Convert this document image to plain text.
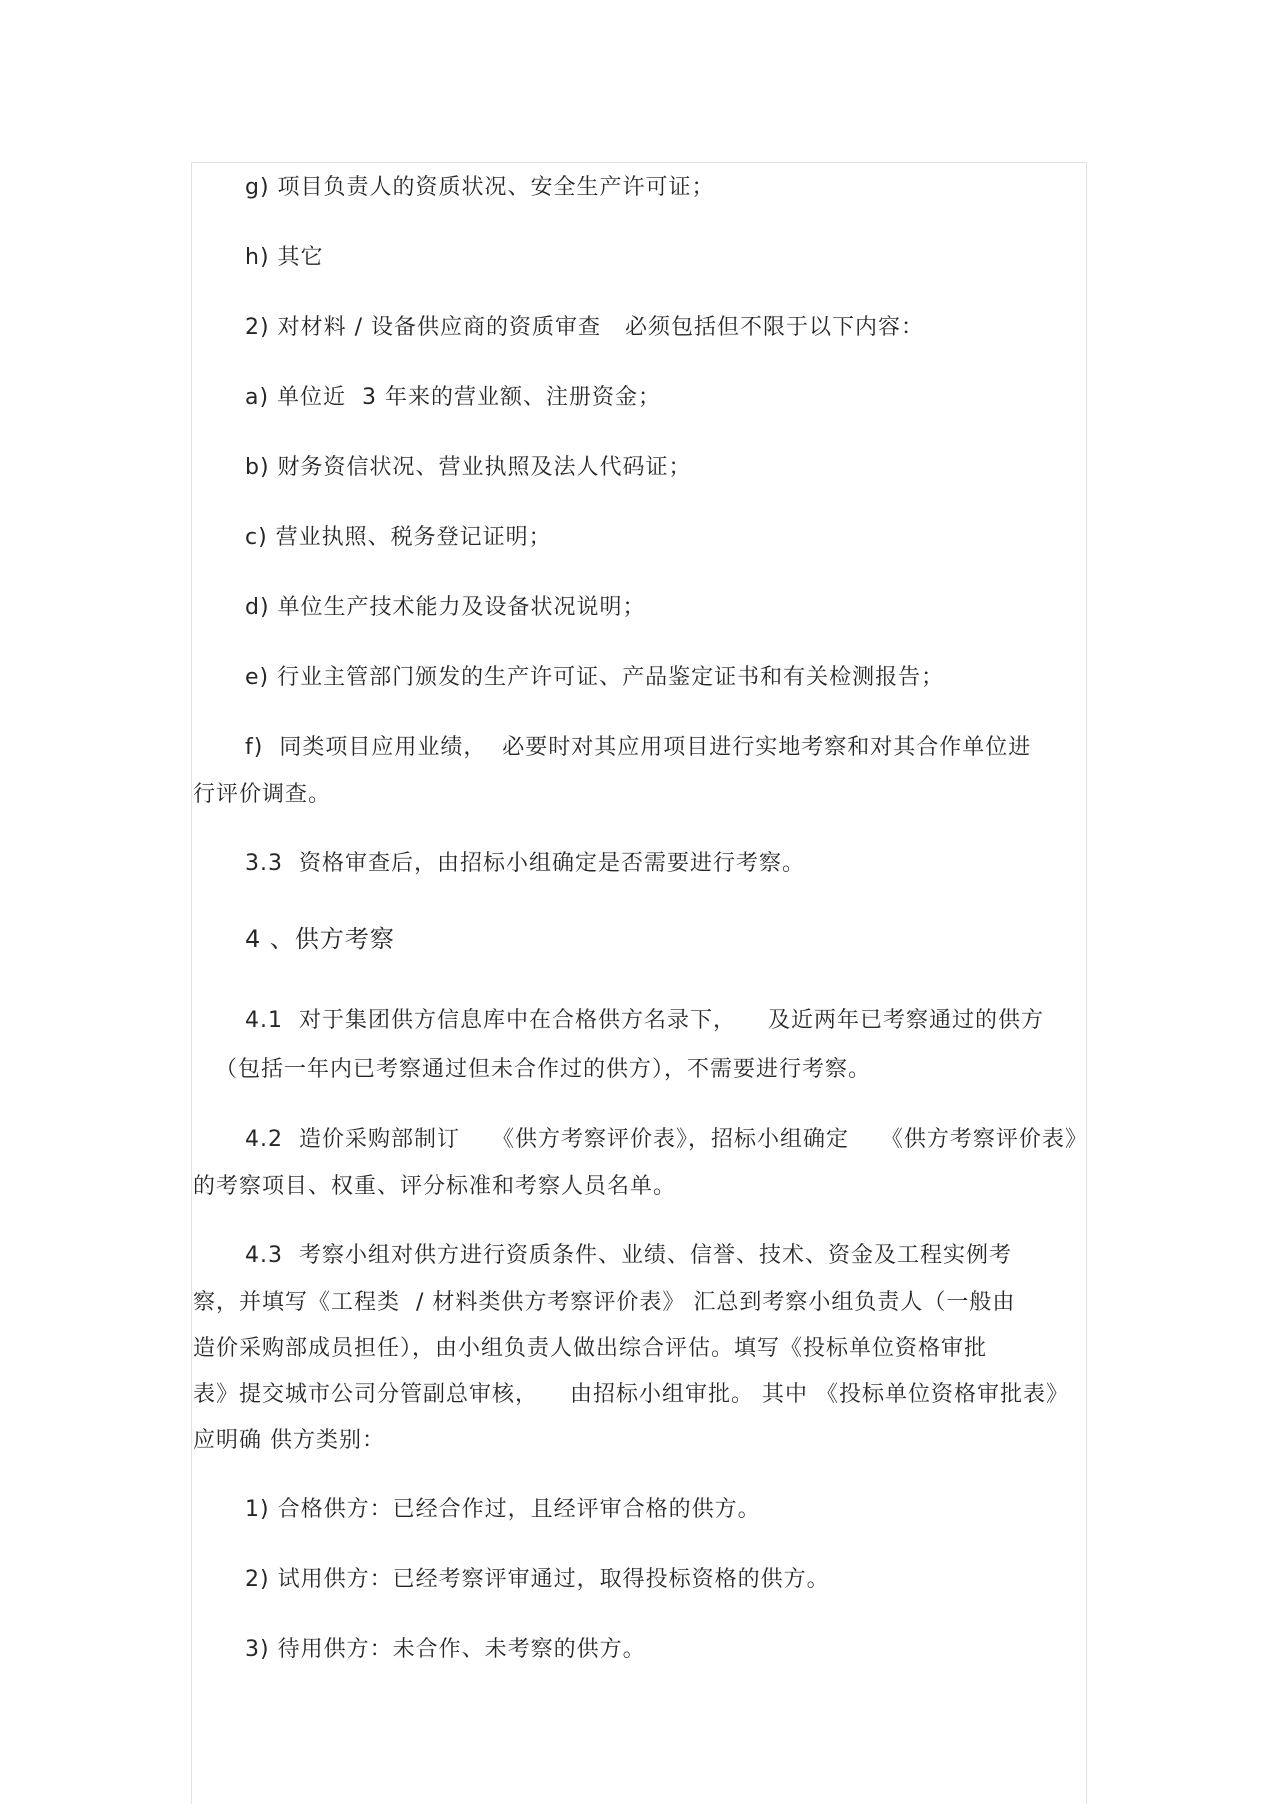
g) 项目负责人的资质状况、安全生产许可证；
h) 其它
2) 对材料 / 设备供应商的资质审查   必须包括但不限于以下内容：
a) 单位近  3 年来的营业额、注册资金；
b) 财务资信状况、营业执照及法人代码证；
c) 营业执照、税务登记证明；
d) 单位生产技术能力及设备状况说明；
e) 行业主管部门颁发的生产许可证、产品鉴定证书和有关检测报告；
f)  同类项目应用业绩，  必要时对其应用项目进行实地考察和对其合作单位进
行评价调查。
3.3  资格审查后，由招标小组确定是否需要进行考察。
4 、供方考察
4.1  对于集团供方信息库中在合格供方名录下，    及近两年已考察通过的供方
（包括一年内已考察通过但未合作过的供方），不需要进行考察。
4.2  造价采购部制订    《供方考察评价表》，招标小组确定    《供方考察评价表》
的考察项目、权重、评分标准和考察人员名单。
4.3  考察小组对供方进行资质条件、业绩、信誉、技术、资金及工程实例考
察，并填写《工程类  / 材料类供方考察评价表》 汇总到考察小组负责人（一般由
造价采购部成员担任），由小组负责人做出综合评估。填写《投标单位资格审批
表》提交城市公司分管副总审核，    由招标小组审批。 其中 《投标单位资格审批表》
应明确 供方类别：
1) 合格供方：已经合作过，且经评审合格的供方。
2) 试用供方：已经考察评审通过，取得投标资格的供方。
3) 待用供方：未合作、未考察的供方。
